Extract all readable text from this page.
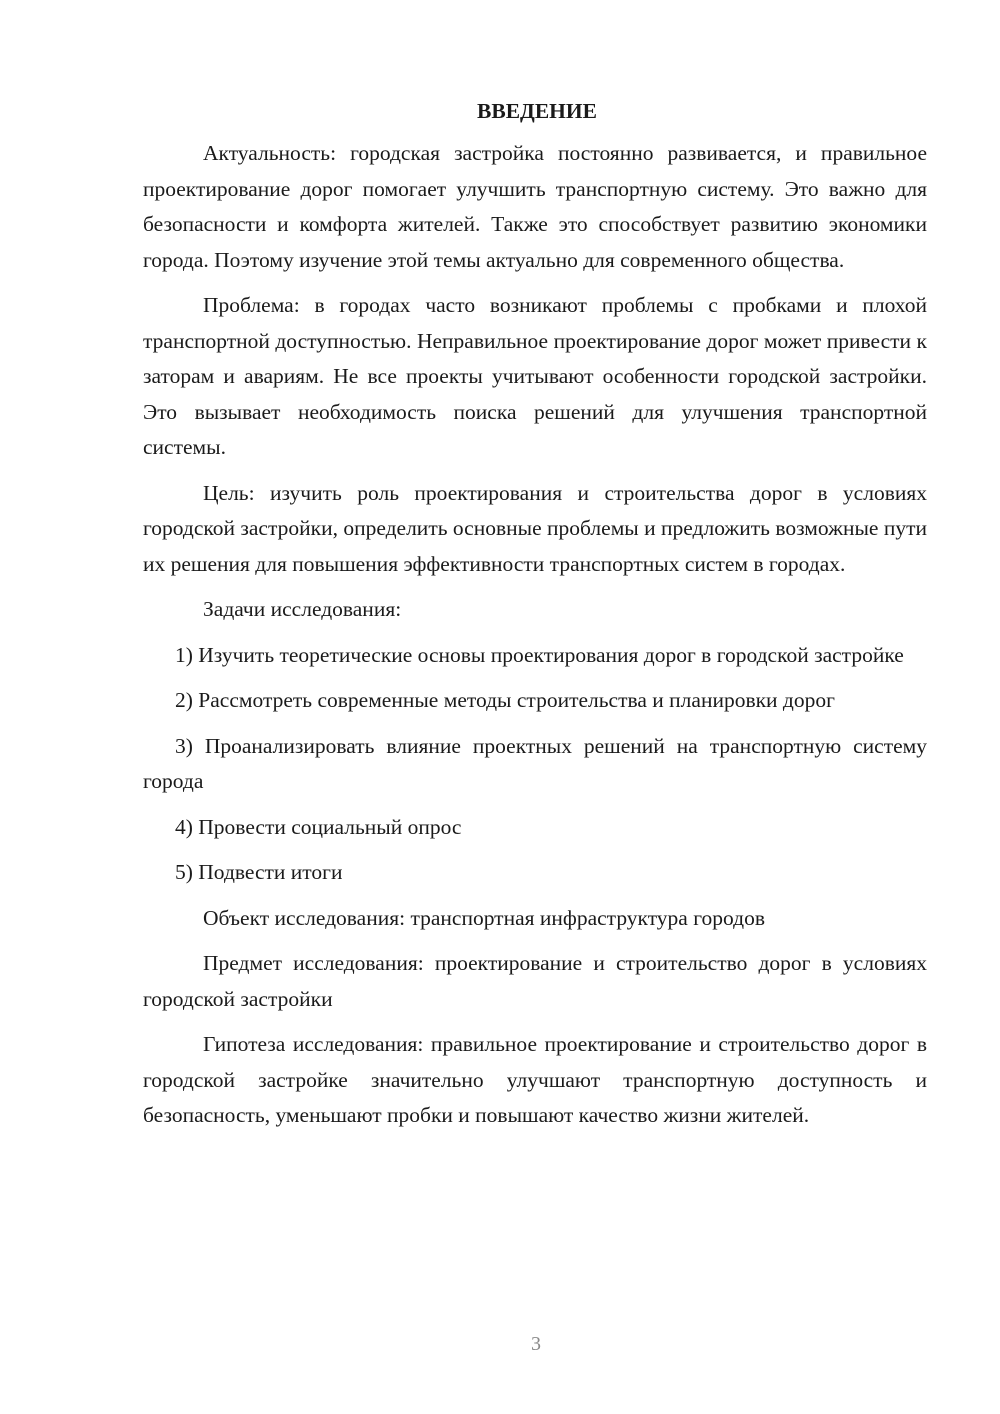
ВВЕДЕНИЕ

Актуальность: городская застройка постоянно развивается, и правильное проектирование дорог помогает улучшить транспортную систему. Это важно для безопасности и комфорта жителей. Также это способствует развитию экономики города. Поэтому изучение этой темы актуально для современного общества.

Проблема: в городах часто возникают проблемы с пробками и плохой транспортной доступностью. Неправильное проектирование дорог может привести к заторам и авариям. Не все проекты учитывают особенности городской застройки. Это вызывает необходимость поиска решений для улучшения транспортной системы.

Цель: изучить роль проектирования и строительства дорог в условиях городской застройки, определить основные проблемы и предложить возможные пути их решения для повышения эффективности транспортных систем в городах.

Задачи исследования:

1) Изучить теоретические основы проектирования дорог в городской застройке

2) Рассмотреть современные методы строительства и планировки дорог

3) Проанализировать влияние проектных решений на транспортную систему города

4) Провести социальный опрос

5) Подвести итоги

Объект исследования: транспортная инфраструктура городов

Предмет исследования: проектирование и строительство дорог в условиях городской застройки

Гипотеза исследования: правильное проектирование и строительство дорог в городской застройке значительно улучшают транспортную доступность и безопасность, уменьшают пробки и повышают качество жизни жителей.

3
